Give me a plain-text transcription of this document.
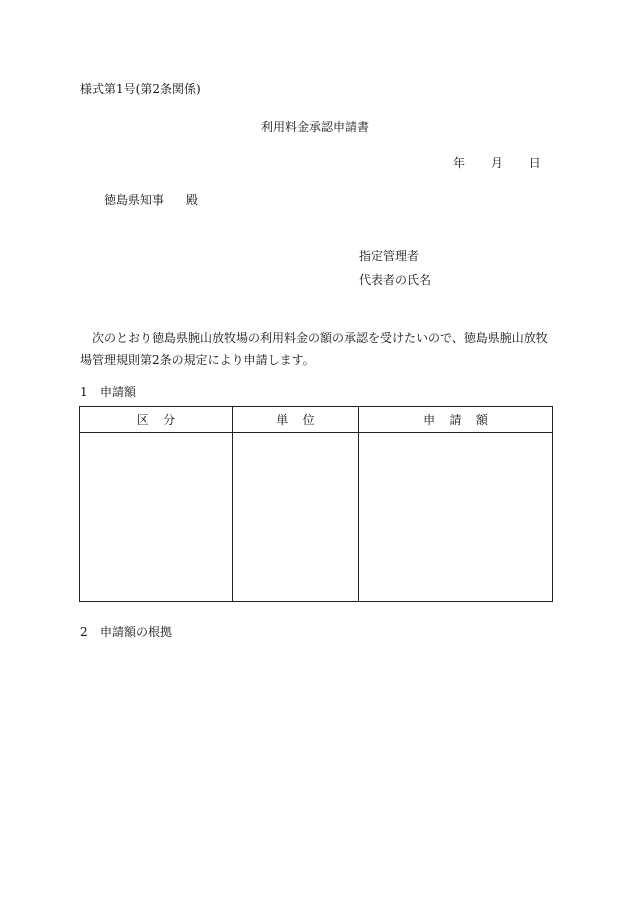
様式第1号(第2条関係)
利用料金承認申請書
年 月 日
徳島県知事 殿
指定管理者
代表者の氏名
次のとおり徳島県腕山放牧場の利用料金の額の承認を受けたいので、徳島県腕山放牧場管理規則第2条の規定により申請します。
1 申請額
区分	単位	申請額

2 申請額の根拠
